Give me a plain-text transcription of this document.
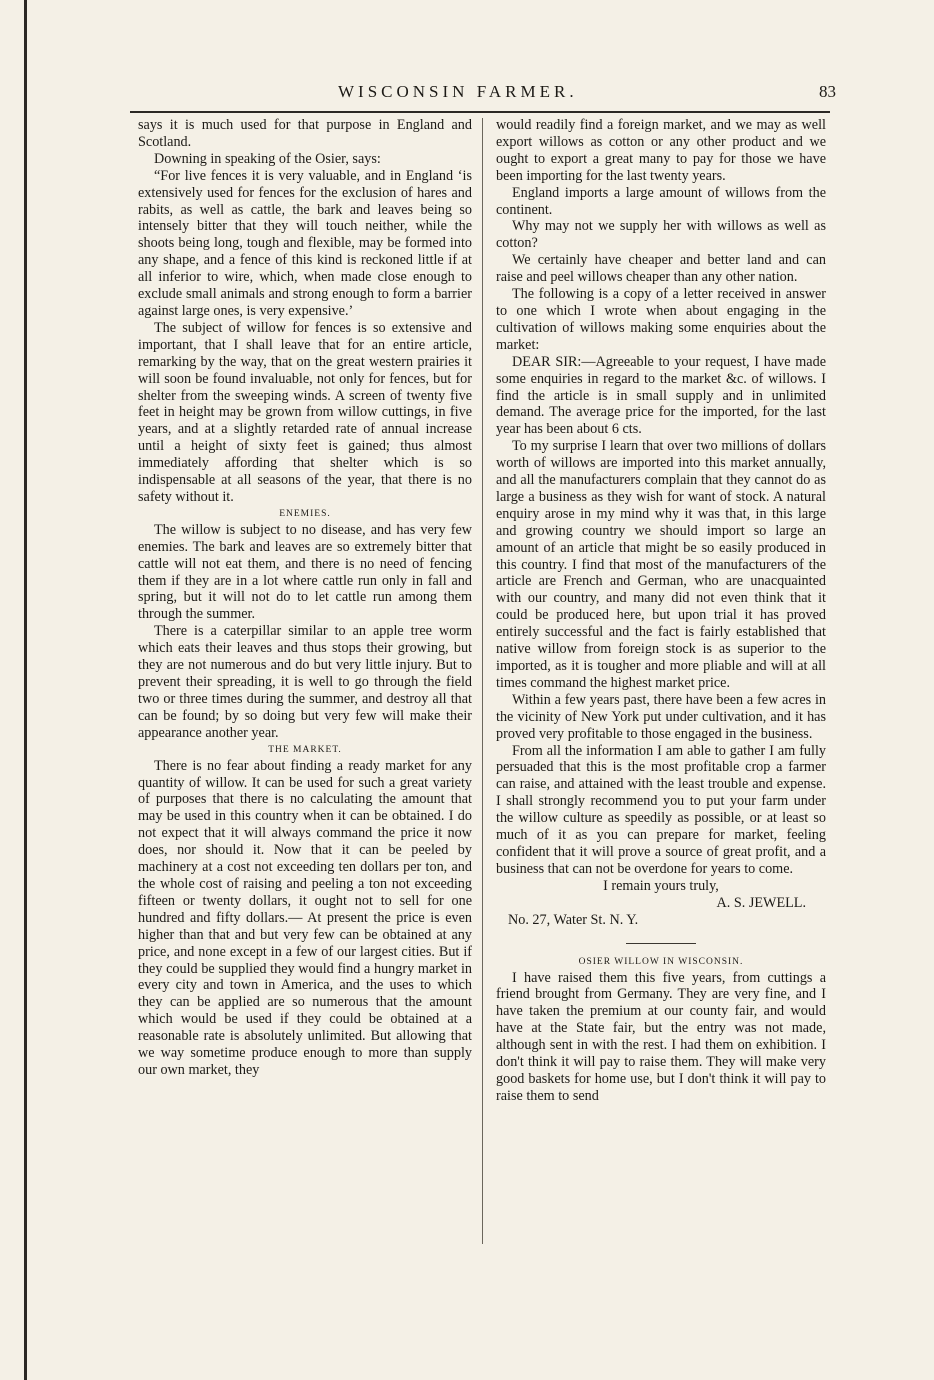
WISCONSIN FARMER.	83

says it is much used for that purpose in England and Scotland.

Downing in speaking of the Osier, says:

“For live fences it is very valuable, and in England ‘is extensively used for fences for the exclusion of hares and rabits, as well as cattle, the bark and leaves being so intensely bitter that they will touch neither, while the shoots being long, tough and flexible, may be formed into any shape, and a fence of this kind is reckoned little if at all inferior to wire, which, when made close enough to exclude small animals and strong enough to form a barrier against large ones, is very expensive.’

The subject of willow for fences is so extensive and important, that I shall leave that for an entire article, remarking by the way, that on the great western prairies it will soon be found invaluable, not only for fences, but for shelter from the sweeping winds. A screen of twenty five feet in height may be grown from willow cuttings, in five years, and at a slightly retarded rate of annual increase until a height of sixty feet is gained; thus almost immediately affording that shelter which is so indispensable at all seasons of the year, that there is no safety without it.

ENEMIES.

The willow is subject to no disease, and has very few enemies. The bark and leaves are so extremely bitter that cattle will not eat them, and there is no need of fencing them if they are in a lot where cattle run only in fall and spring, but it will not do to let cattle run among them through the summer.

There is a caterpillar similar to an apple tree worm which eats their leaves and thus stops their growing, but they are not numerous and do but very little injury. But to prevent their spreading, it is well to go through the field two or three times during the summer, and destroy all that can be found; by so doing but very few will make their appearance another year.

THE MARKET.

There is no fear about finding a ready market for any quantity of willow. It can be used for such a great variety of purposes that there is no calculating the amount that may be used in this country when it can be obtained. I do not expect that it will always command the price it now does, nor should it. Now that it can be peeled by machinery at a cost not exceeding ten dollars per ton, and the whole cost of raising and peeling a ton not exceeding fifteen or twenty dollars, it ought not to sell for one hundred and fifty dollars.— At present the price is even higher than that and but very few can be obtained at any price, and none except in a few of our largest cities. But if they could be supplied they would find a hungry market in every city and town in America, and the uses to which they can be applied are so numerous that the amount which would be used if they could be obtained at a reasonable rate is absolutely unlimited. But allowing that we way sometime produce enough to more than supply our own market, they

would readily find a foreign market, and we may as well export willows as cotton or any other product and we ought to export a great many to pay for those we have been importing for the last twenty years.

England imports a large amount of willows from the continent.

Why may not we supply her with willows as well as cotton?

We certainly have cheaper and better land and can raise and peel willows cheaper than any other nation.

The following is a copy of a letter received in answer to one which I wrote when about engaging in the cultivation of willows making some enquiries about the market:

DEAR SIR:—Agreeable to your request, I have made some enquiries in regard to the market &c. of willows. I find the article is in small supply and in unlimited demand. The average price for the imported, for the last year has been about 6 cts.

To my surprise I learn that over two millions of dollars worth of willows are imported into this market annually, and all the manufacturers complain that they cannot do as large a business as they wish for want of stock. A natural enquiry arose in my mind why it was that, in this large and growing country we should import so large an amount of an article that might be so easily produced in this country. I find that most of the manufacturers of the article are French and German, who are unacquainted with our country, and many did not even think that it could be produced here, but upon trial it has proved entirely successful and the fact is fairly established that native willow from foreign stock is as superior to the imported, as it is tougher and more pliable and will at all times command the highest market price.

Within a few years past, there have been a few acres in the vicinity of New York put under cultivation, and it has proved very profitable to those engaged in the business.

From all the information I am able to gather I am fully persuaded that this is the most profitable crop a farmer can raise, and attained with the least trouble and expense. I shall strongly recommend you to put your farm under the willow culture as speedily as possible, or at least so much of it as you can prepare for market, feeling confident that it will prove a source of great profit, and a business that can not be overdone for years to come.

I remain yours truly,

A. S. JEWELL.

No. 27, Water St. N. Y.

OSIER WILLOW IN WISCONSIN.

I have raised them this five years, from cuttings a friend brought from Germany. They are very fine, and I have taken the premium at our county fair, and would have at the State fair, but the entry was not made, although sent in with the rest. I had them on exhibition. I don't think it will pay to raise them. They will make very good baskets for home use, but I don't think it will pay to raise them to send
